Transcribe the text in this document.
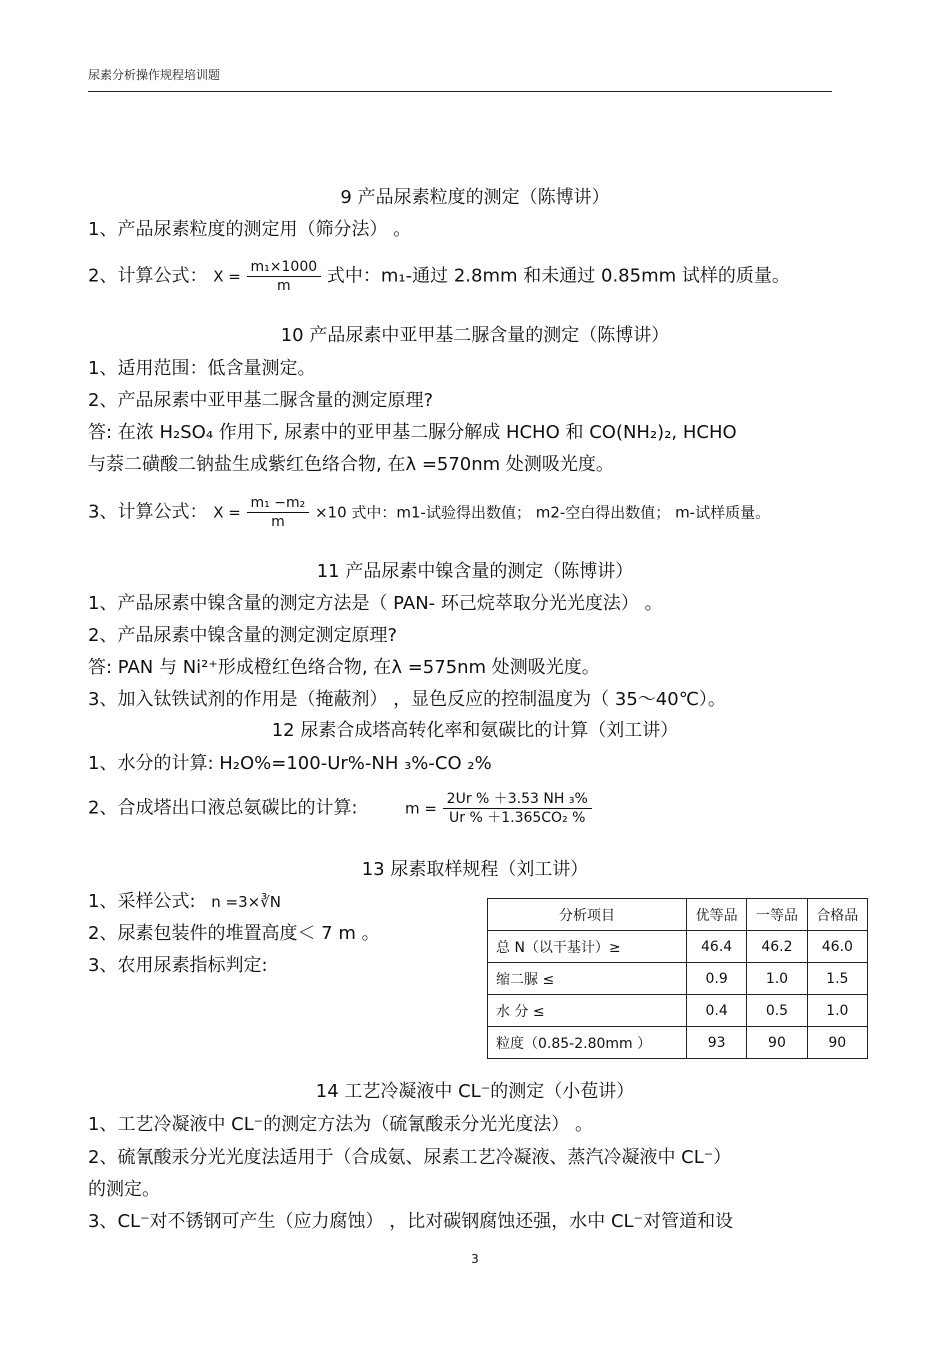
尿素分析操作规程培训题
9 产品尿素粒度的测定（陈博讲）
1、产品尿素粒度的测定用（筛分法） 。
2、计算公式： $X = \frac{\text{m₁×1000}}{m}$ 式中：m₁-通过 2.8mm 和未通过 0.85mm 试样的质量。
10 产品尿素中亚甲基二脲含量的测定（陈博讲）
1、适用范围：低含量测定。
2、产品尿素中亚甲基二脲含量的测定原理?
答: 在浓 H₂SO₄ 作用下, 尿素中的亚甲基二脲分解成 HCHO 和 CO(NH₂)₂, HCHO
与萘二磺酸二钠盐生成紫红色络合物, 在λ =570nm 处测吸光度。
3、计算公式： $X = \frac{\text{m₁ −m₂}}{m} \times 10$ 式中：m1-试验得出数值； m2-空白得出数值； m-试样质量。
11 产品尿素中镍含量的测定（陈博讲）
1、产品尿素中镍含量的测定方法是（ PAN- 环己烷萃取分光光度法） 。
2、产品尿素中镍含量的测定测定原理?
答: PAN 与 Ni²⁺形成橙红色络合物, 在λ =575nm 处测吸光度。
3、加入钛铁试剂的作用是（掩蔽剂） ，显色反应的控制温度为（ 35～40℃）。
12 尿素合成塔高转化率和氨碳比的计算（刘工讲）
1、水分的计算: H₂O%=100-Ur%-NH ₃%-CO ₂%
2、合成塔出口液总氨碳比的计算:	$m = \frac{\text{2Ur \% ＋3.53 NH ₃\%}}{\text{Ur \% ＋1.365CO₂ \%}}$
13 尿素取样规程（刘工讲）
1、采样公式: n =3×∛N
2、尿素包装件的堆置高度＜ 7 m 。
3、农用尿素指标判定:
分析项目	优等品	一等品	合格品
总 N（以干基计）≥	46.4	46.2	46.0
缩二脲 ≤	0.9	1.0	1.5
水 分 ≤	0.4	0.5	1.0
粒度（0.85-2.80mm ）	93	90	90
14 工艺冷凝液中 CL⁻的测定（小苞讲）
1、工艺冷凝液中 CL⁻的测定方法为（硫氰酸汞分光光度法） 。
2、硫氰酸汞分光光度法适用于（合成氨、尿素工艺冷凝液、蒸汽冷凝液中 CL⁻）
的测定。
3、CL⁻对不锈钢可产生（应力腐蚀） ，比对碳钢腐蚀还强，水中 CL⁻对管道和设
3
